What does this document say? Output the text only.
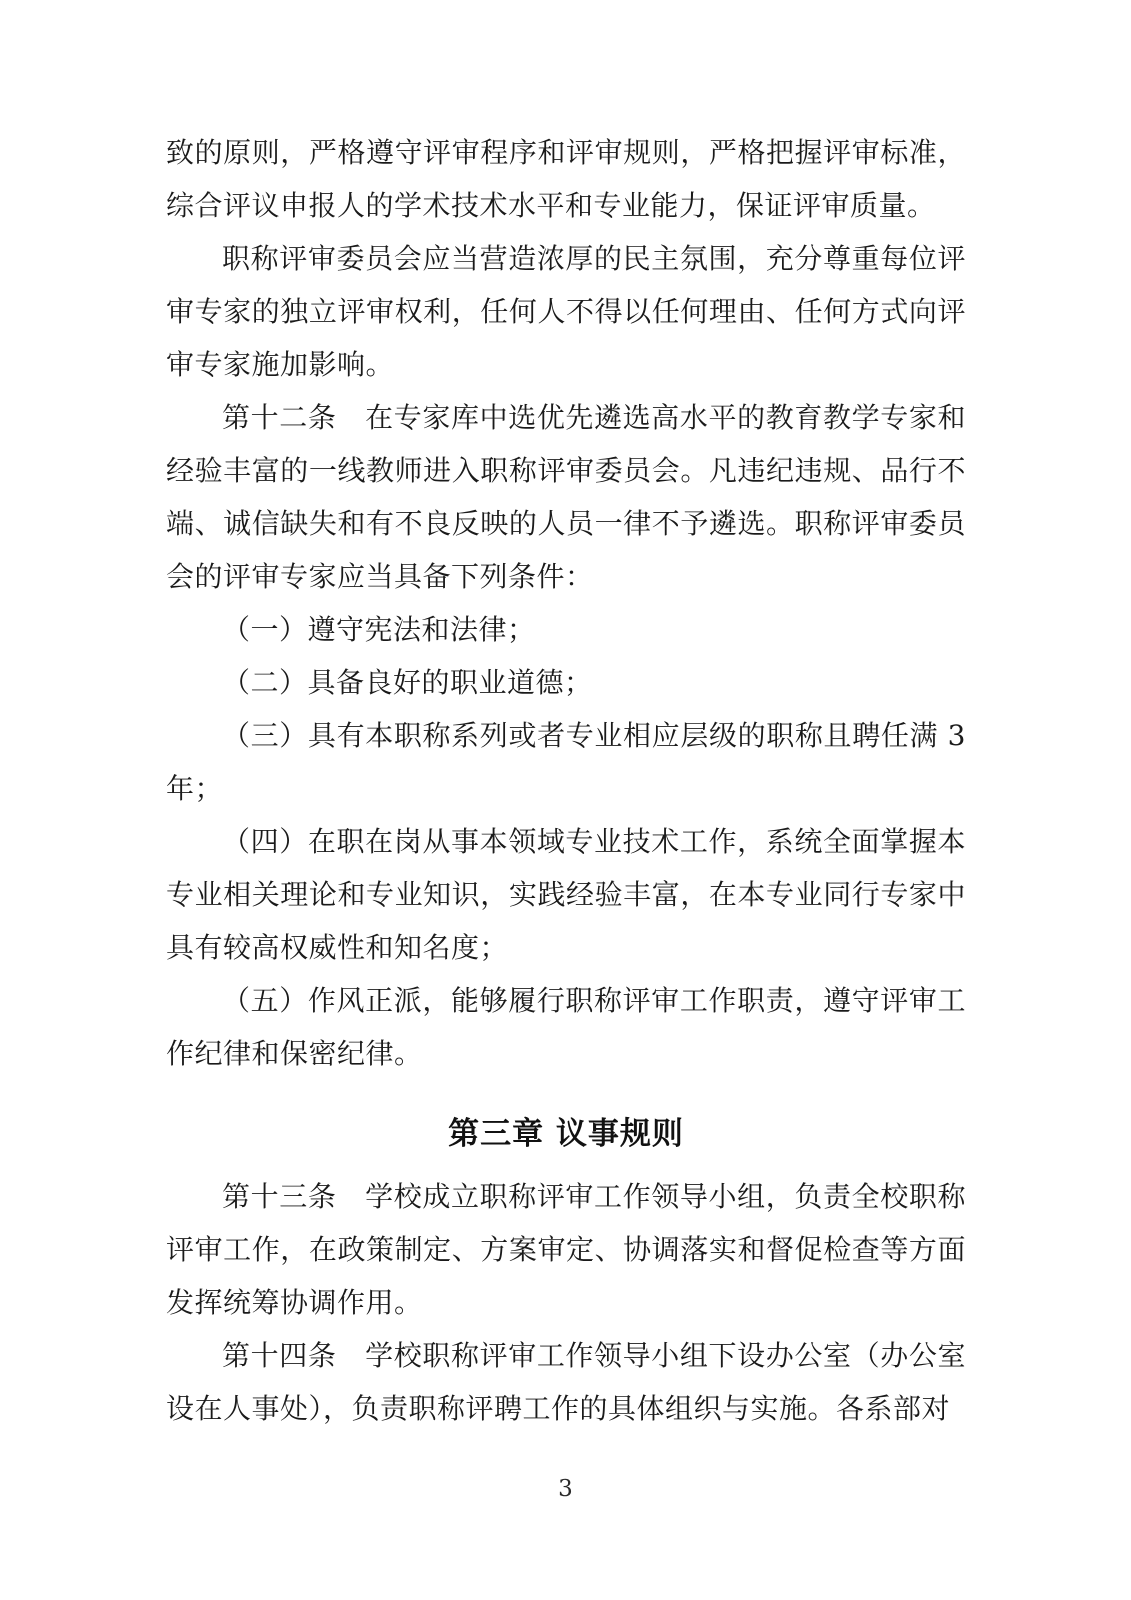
致的原则，严格遵守评审程序和评审规则，严格把握评审标准，综合评议申报人的学术技术水平和专业能力，保证评审质量。

职称评审委员会应当营造浓厚的民主氛围，充分尊重每位评审专家的独立评审权利，任何人不得以任何理由、任何方式向评审专家施加影响。

第十二条　在专家库中选优先遴选高水平的教育教学专家和经验丰富的一线教师进入职称评审委员会。凡违纪违规、品行不端、诚信缺失和有不良反映的人员一律不予遴选。职称评审委员会的评审专家应当具备下列条件：

（一）遵守宪法和法律；

（二）具备良好的职业道德；

（三）具有本职称系列或者专业相应层级的职称且聘任满 3年；

（四）在职在岗从事本领域专业技术工作，系统全面掌握本专业相关理论和专业知识，实践经验丰富，在本专业同行专家中具有较高权威性和知名度；

（五）作风正派，能够履行职称评审工作职责，遵守评审工作纪律和保密纪律。

第三章 议事规则

第十三条　学校成立职称评审工作领导小组，负责全校职称评审工作，在政策制定、方案审定、协调落实和督促检查等方面发挥统筹协调作用。

第十四条　学校职称评审工作领导小组下设办公室（办公室设在人事处），负责职称评聘工作的具体组织与实施。各系部对

3
